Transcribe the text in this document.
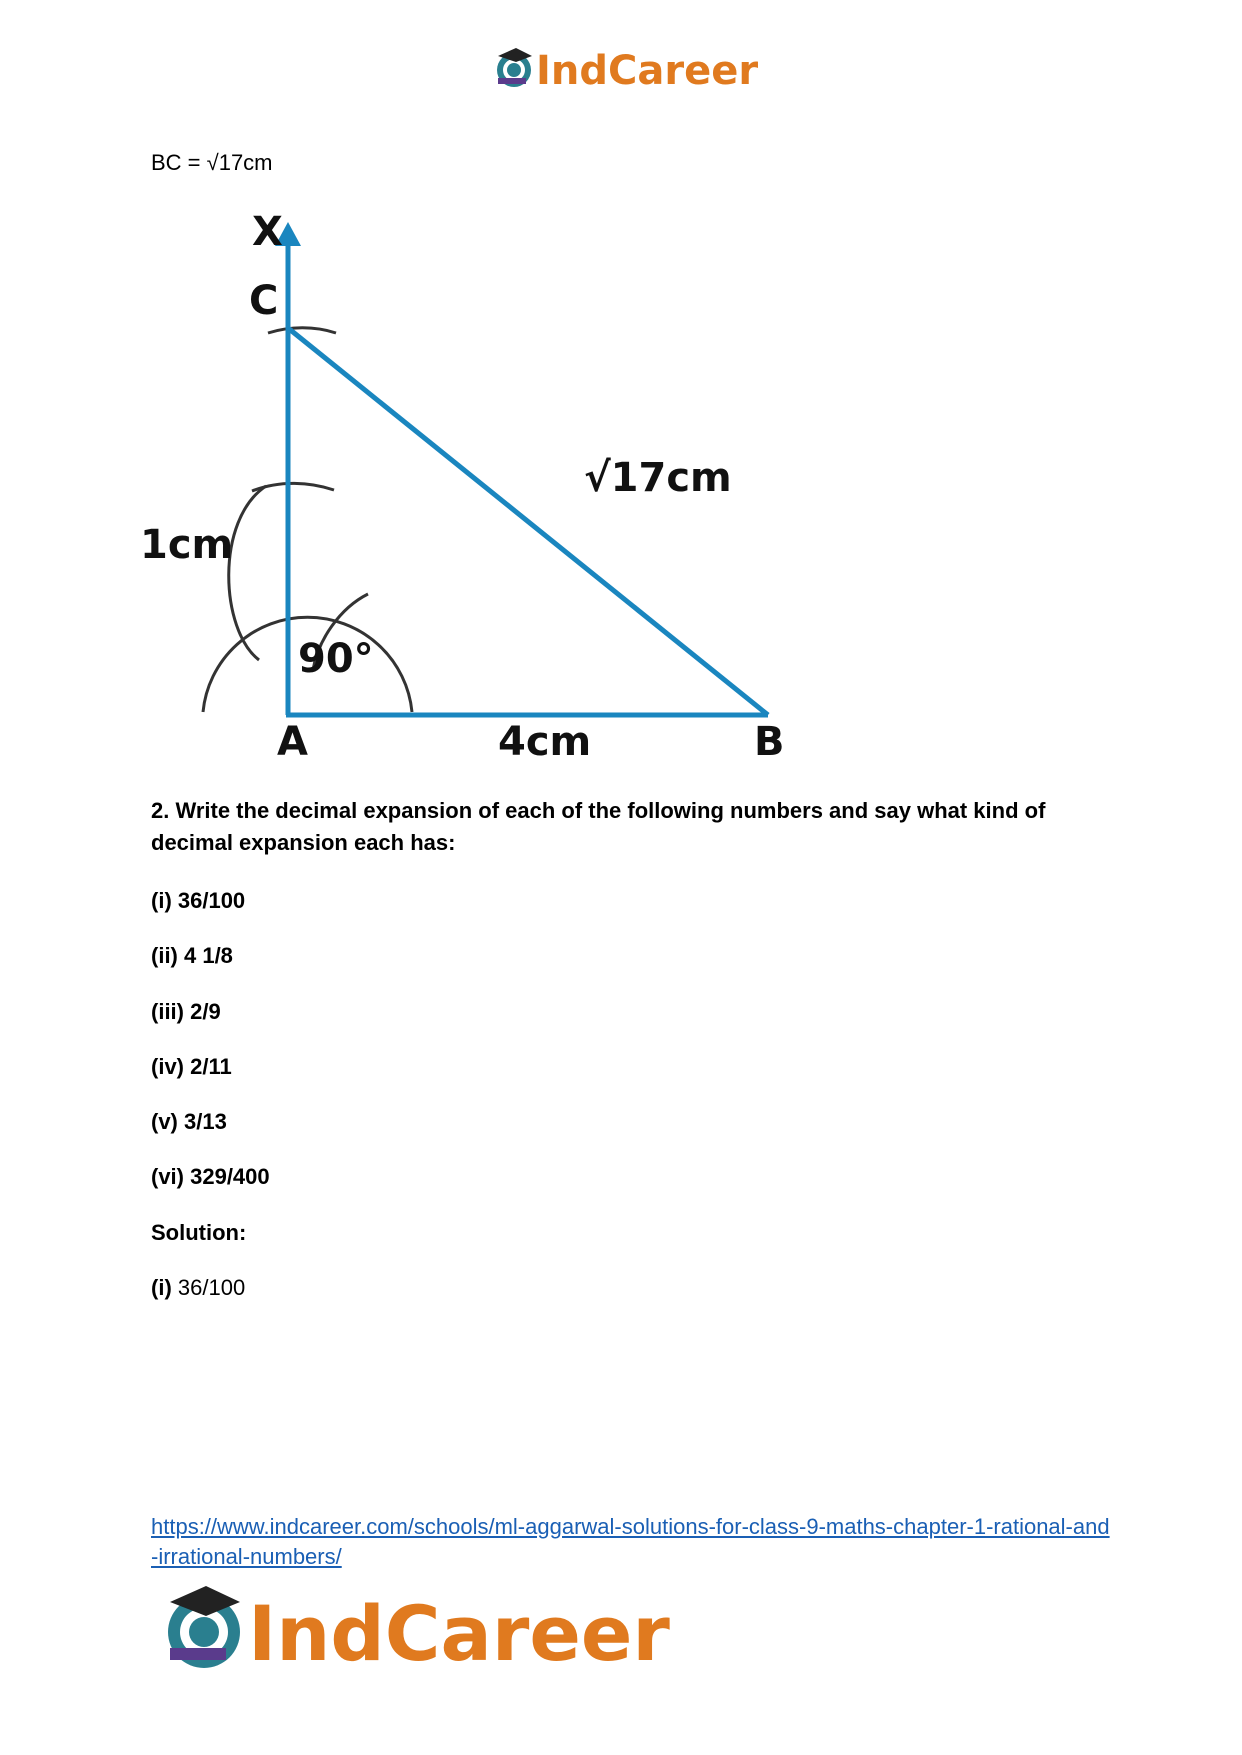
IndCareer
BC = √17cm
X
C
1cm
90°
A	4cm	B
√17cm
2. Write the decimal expansion of each of the following numbers and say what kind of decimal expansion each has:
(i) 36/100
(ii) 4 1/8
(iii) 2/9
(iv) 2/11
(v) 3/13
(vi) 329/400
Solution:
(i) 36/100
https://www.indcareer.com/schools/ml-aggarwal-solutions-for-class-9-maths-chapter-1-rational-and-irrational-numbers/
IndCareer
